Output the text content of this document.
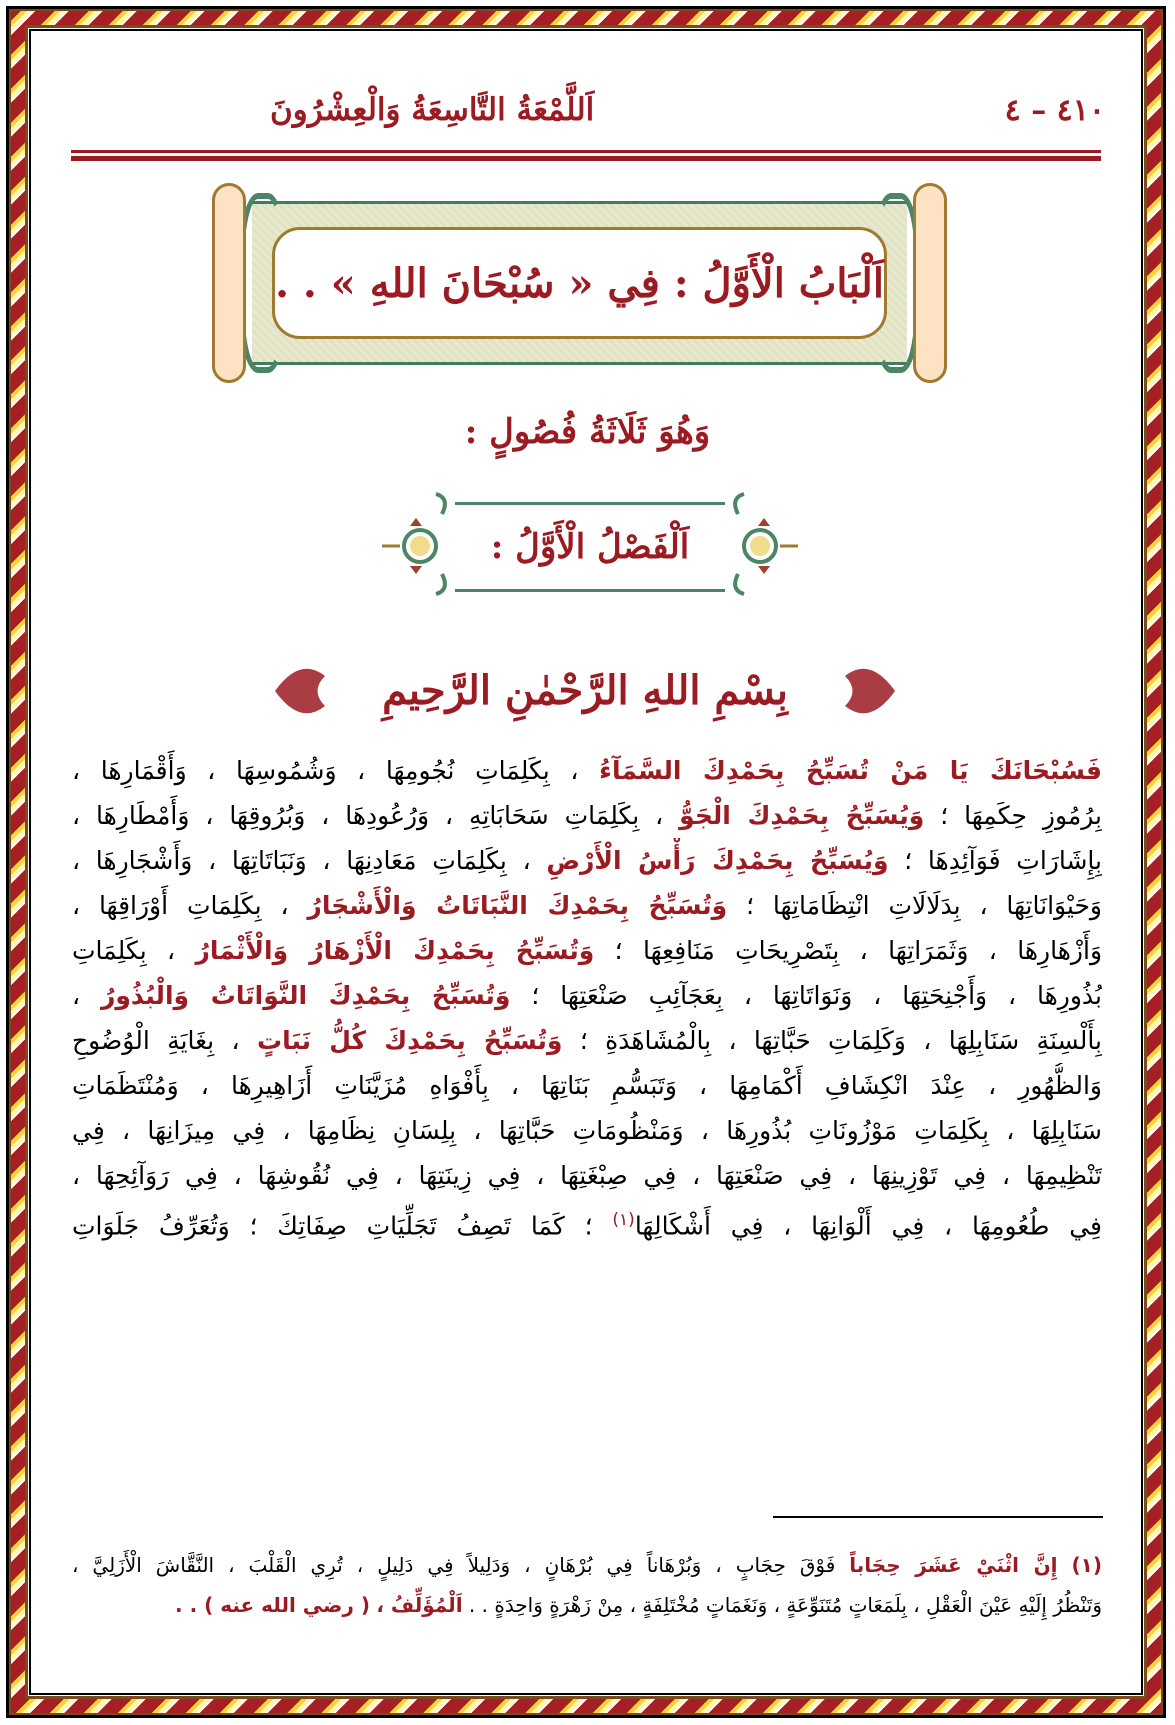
٤١٠ – ٤
اَللَّمْعَةُ التَّاسِعَةُ وَالْعِشْرُونَ
اَلْبَابُ الْأَوَّلُ : فِي « سُبْحَانَ اللهِ » . .
وَهُوَ ثَلَاثَةُ فُصُولٍ :
اَلْفَصْلُ الْأَوَّلُ :
بِسْمِ اللهِ الرَّحْمٰنِ الرَّحِيمِ
فَسُبْحَانَكَ يَا مَنْ تُسَبِّحُ بِحَمْدِكَ السَّمَآءُ ، بِكَلِمَاتِ نُجُومِهَا ، وَشُمُوسِهَا ، وَأَقْمَارِهَا ،
بِرُمُوزِ حِكَمِهَا ؛ وَيُسَبِّحُ بِحَمْدِكَ الْجَوُّ ، بِكَلِمَاتِ سَحَابَاتِهِ ، وَرُعُودِهَا ، وَبُرُوقِهَا ، وَأَمْطَارِهَا ،
بِإِشَارَاتِ فَوَآئِدِهَا ؛ وَيُسَبِّحُ بِحَمْدِكَ رَأْسُ الْأَرْضِ ، بِكَلِمَاتِ مَعَادِنِهَا ، وَنَبَاتَاتِهَا ، وَأَشْجَارِهَا ،
وَحَيْوَانَاتِهَا ، بِدَلَالَاتِ انْتِظَامَاتِهَا ؛ وَتُسَبِّحُ بِحَمْدِكَ النَّبَاتَاتُ وَالْأَشْجَارُ ، بِكَلِمَاتِ أَوْرَاقِهَا ،
وَأَزْهَارِهَا ، وَثَمَرَاتِهَا ، بِتَصْرِيحَاتِ مَنَافِعِهَا ؛ وَتُسَبِّحُ بِحَمْدِكَ الْأَزْهَارُ وَالْأَثْمَارُ ، بِكَلِمَاتِ
بُذُورِهَا ، وَأَجْنِحَتِهَا ، وَنَوَاتَاتِهَا ، بِعَجَآئِبِ صَنْعَتِهَا ؛ وَتُسَبِّحُ بِحَمْدِكَ النَّوَاتَاتُ وَالْبُذُورُ ،
بِأَلْسِنَةِ سَنَابِلِهَا ، وَكَلِمَاتِ حَبَّاتِهَا ، بِالْمُشَاهَدَةِ ؛ وَتُسَبِّحُ بِحَمْدِكَ كُلُّ نَبَاتٍ ، بِغَايَةِ الْوُضُوحِ
وَالظُّهُورِ ، عِنْدَ انْكِشَافِ أَكْمَامِهَا ، وَتَبَسُّمِ بَنَاتِهَا ، بِأَفْوَاهِ مُزَيَّنَاتِ أَزَاهِيرِهَا ، وَمُنْتَظَمَاتِ
سَنَابِلِهَا ، بِكَلِمَاتِ مَوْزُونَاتِ بُذُورِهَا ، وَمَنْظُومَاتِ حَبَّاتِهَا ، بِلِسَانِ نِظَامِهَا ، فِي مِيزَانِهَا ، فِي
تَنْظِيمِهَا ، فِي تَوْزِينِهَا ، فِي صَنْعَتِهَا ، فِي صِبْغَتِهَا ، فِي زِينَتِهَا ، فِي نُقُوشِهَا ، فِي رَوَآئِحِهَا ،
فِي طُعُومِهَا ، فِي أَلْوَانِهَا ، فِي أَشْكَالِهَا$^{(١)}$ ؛ كَمَا تَصِفُ تَجَلِّيَاتِ صِفَاتِكَ ؛ وَتُعَرِّفُ جَلَوَاتِ
(١) إِنَّ اثْنَيْ عَشَرَ حِجَاباً فَوْقَ حِجَابٍ ، وَبُرْهَاناً فِي بُرْهَانٍ ، وَدَلِيلاً فِي دَلِيلٍ ، تُرِي الْقَلْبَ ، النَّقَّاشَ الْأَزَلِيَّ ،
وَتَنْظُرُ إِلَيْهِ عَيْنَ الْعَقْلِ ، بِلَمَعَاتٍ مُتَنَوِّعَةٍ ، وَنَغَمَاتٍ مُخْتَلِفَةٍ ، مِنْ زَهْرَةٍ وَاحِدَةٍ . . اَلْمُؤَلِّفُ ، ( رضي الله عنه ) . .
